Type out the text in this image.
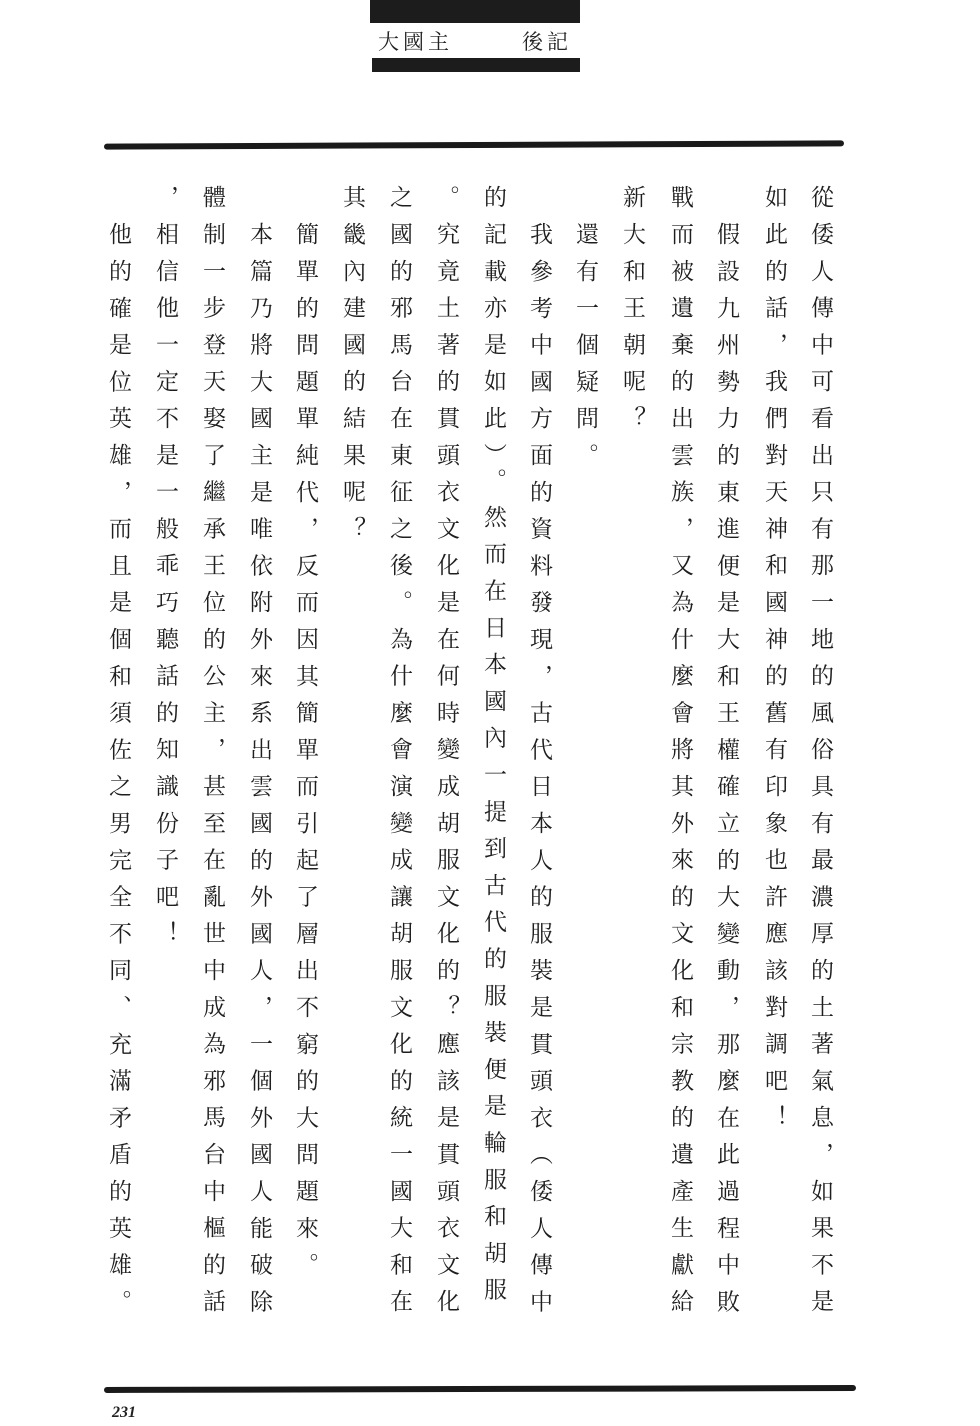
大國主	後記
從倭人傳中可看出只有那一地的風俗具有最濃厚的土著氣息，如果不是
如此的話，我們對天神和國神的舊有印象也許應該對調吧！
假設九州勢力的東進便是大和王權確立的大變動，那麼在此過程中敗
戰而被遺棄的出雲族，又為什麼會將其外來的文化和宗教的遺產生獻給
新大和王朝呢？
還有一個疑問。
我參考中國方面的資料發現，古代日本人的服裝是貫頭衣（倭人傳中
的記載亦是如此）。然而在日本國內一提到古代的服裝便是輪服和胡服
。究竟土著的貫頭衣文化是在何時變成胡服文化的？應該是貫頭衣文化
之國的邪馬台在東征之後。為什麼會演變成讓胡服文化的統一國大和在
其畿內建國的結果呢？
簡單的問題單純代，反而因其簡單而引起了層出不窮的大問題來。
本篇乃將大國主是唯依附外來系出雲國的外國人，一個外國人能破除
體制一步登天娶了繼承王位的公主，甚至在亂世中成為邪馬台中樞的話
，相信他一定不是一般乖巧聽話的知識份子吧！
他的確是位英雄，而且是個和須佐之男完全不同、充滿矛盾的英雄。
231
